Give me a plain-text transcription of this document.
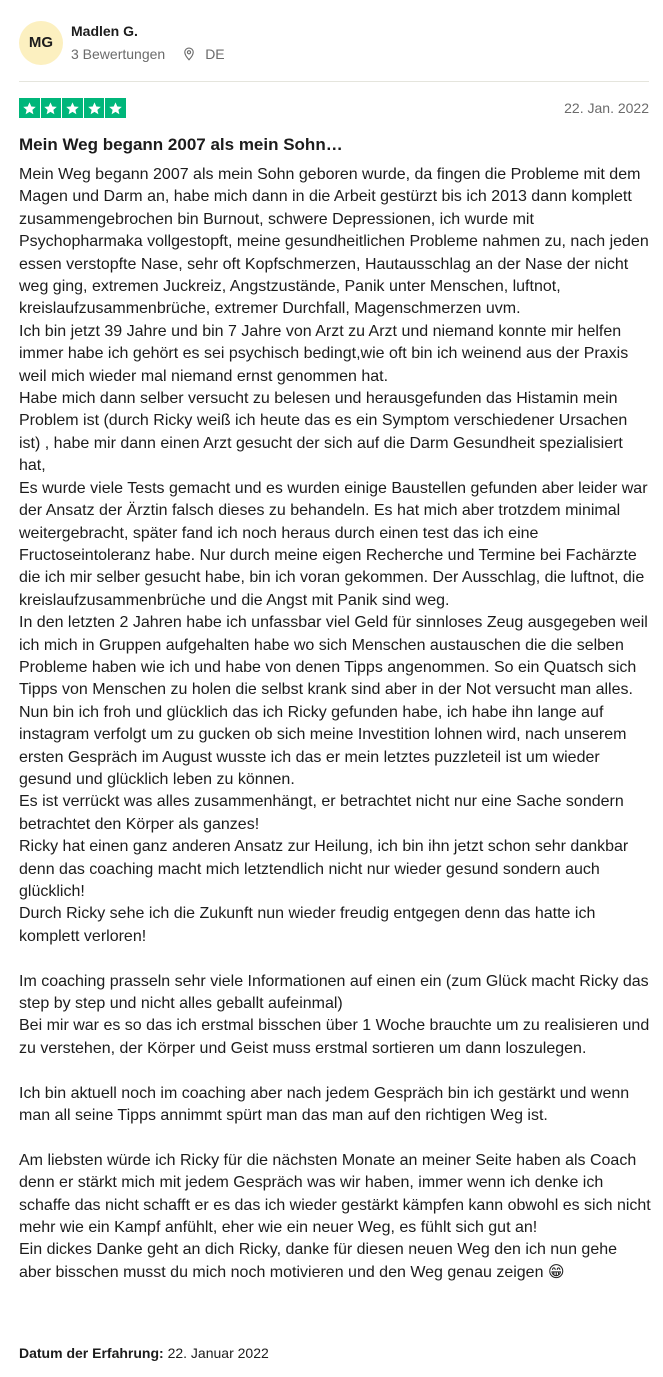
MG
Madlen G.
3 Bewertungen	DE
22. Jan. 2022
Mein Weg begann 2007 als mein Sohn…

Mein Weg begann 2007 als mein Sohn geboren wurde, da fingen die Probleme mit dem Magen und Darm an, habe mich dann in die Arbeit gestürzt bis ich 2013 dann komplett zusammengebrochen bin Burnout, schwere Depressionen, ich wurde mit Psychopharmaka vollgestopft, meine gesundheitlichen Probleme nahmen zu, nach jeden essen verstopfte Nase, sehr oft Kopfschmerzen, Hautausschlag an der Nase der nicht weg ging, extremen Juckreiz, Angstzustände, Panik unter Menschen, luftnot, kreislaufzusammenbrüche, extremer Durchfall, Magenschmerzen uvm.

Ich bin jetzt 39 Jahre und bin 7 Jahre von Arzt zu Arzt und niemand konnte mir helfen immer habe ich gehört es sei psychisch bedingt,wie oft bin ich weinend aus der Praxis weil mich wieder mal niemand ernst genommen hat.

Habe mich dann selber versucht zu belesen und herausgefunden das Histamin mein Problem ist (durch Ricky weiß ich heute das es ein Symptom verschiedener Ursachen ist) , habe mir dann einen Arzt gesucht der sich auf die Darm Gesundheit spezialisiert hat,

Es wurde viele Tests gemacht und es wurden einige Baustellen gefunden aber leider war der Ansatz der Ärztin falsch dieses zu behandeln. Es hat mich aber trotzdem minimal weitergebracht, später fand ich noch heraus durch einen test das ich eine Fructoseintoleranz habe. Nur durch meine eigen Recherche und Termine bei Fachärzte die ich mir selber gesucht habe, bin ich voran gekommen. Der Ausschlag, die luftnot, die kreislaufzusammenbrüche und die Angst mit Panik sind weg.

In den letzten 2 Jahren habe ich unfassbar viel Geld für sinnloses Zeug ausgegeben weil ich mich in Gruppen aufgehalten habe wo sich Menschen austauschen die die selben Probleme haben wie ich und habe von denen Tipps angenommen. So ein Quatsch sich Tipps von Menschen zu holen die selbst krank sind aber in der Not versucht man alles.

Nun bin ich froh und glücklich das ich Ricky gefunden habe, ich habe ihn lange auf instagram verfolgt um zu gucken ob sich meine Investition lohnen wird, nach unserem ersten Gespräch im August wusste ich das er mein letztes puzzleteil ist um wieder gesund und glücklich leben zu können.

Es ist verrückt was alles zusammenhängt, er betrachtet nicht nur eine Sache sondern betrachtet den Körper als ganzes!

Ricky hat einen ganz anderen Ansatz zur Heilung, ich bin ihn jetzt schon sehr dankbar denn das coaching macht mich letztendlich nicht nur wieder gesund sondern auch glücklich!

Durch Ricky sehe ich die Zukunft nun wieder freudig entgegen denn das hatte ich komplett verloren!

Im coaching prasseln sehr viele Informationen auf einen ein (zum Glück macht Ricky das step by step und nicht alles geballt aufeinmal)

Bei mir war es so das ich erstmal bisschen über 1 Woche brauchte um zu realisieren und zu verstehen, der Körper und Geist muss erstmal sortieren um dann loszulegen.

Ich bin aktuell noch im coaching aber nach jedem Gespräch bin ich gestärkt und wenn man all seine Tipps annimmt spürt man das man auf den richtigen Weg ist.

Am liebsten würde ich Ricky für die nächsten Monate an meiner Seite haben als Coach denn er stärkt mich mit jedem Gespräch was wir haben, immer wenn ich denke ich schaffe das nicht schafft er es das ich wieder gestärkt kämpfen kann obwohl es sich nicht mehr wie ein Kampf anfühlt, eher wie ein neuer Weg, es fühlt sich gut an!

Ein dickes Danke geht an dich Ricky, danke für diesen neuen Weg den ich nun gehe aber bisschen musst du mich noch motivieren und den Weg genau zeigen 😁

Datum der Erfahrung: 22. Januar 2022
